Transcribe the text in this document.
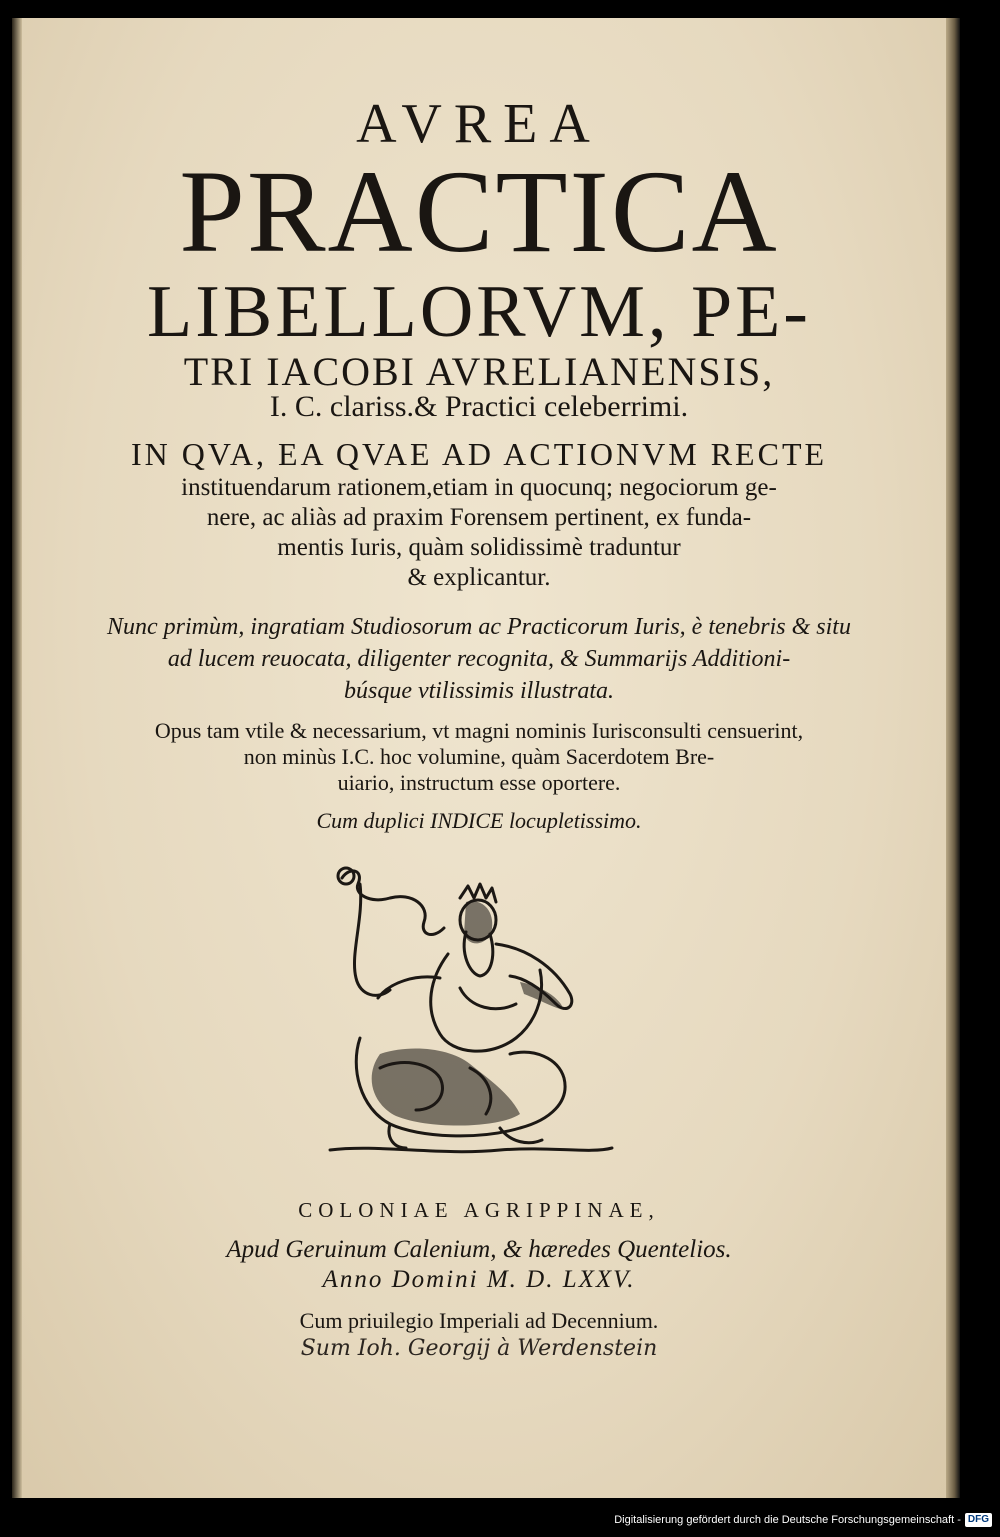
AVREA

PRACTICA

LIBELLORVM, PE-

TRI IACOBI AVRELIANENSIS,

I. C. clariss.& Practici celeberrimi.

IN QVA, EA QVAE AD ACTIONVM RECTE

instituendarum rationem,etiam in quocunq; negociorum ge-

nere, ac aliàs ad praxim Forensem pertinent, ex funda-

mentis Iuris, quàm solidissimè traduntur

& explicantur.

Nunc primùm, ingratiam Studiosorum ac Practicorum Iuris, è tenebris & situ

ad lucem reuocata, diligenter recognita, & Summarijs Additioni-

búsque vtilissimis illustrata.

Opus tam vtile & necessarium, vt magni nominis Iurisconsulti censuerint,

non minùs I.C. hoc volumine, quàm Sacerdotem Bre-

uiario, instructum esse oportere.

Cum duplici INDICE locupletissimo.

COLONIAE AGRIPPINAE,

Apud Geruinum Calenium, & hæredes Quentelios.

Anno Domini M. D. LXXV.

Cum priuilegio Imperiali ad Decennium.

Sum Ioh. Georgij à Werdenstein

Digitalisierung gefördert durch die Deutsche Forschungsgemeinschaft - DFG
